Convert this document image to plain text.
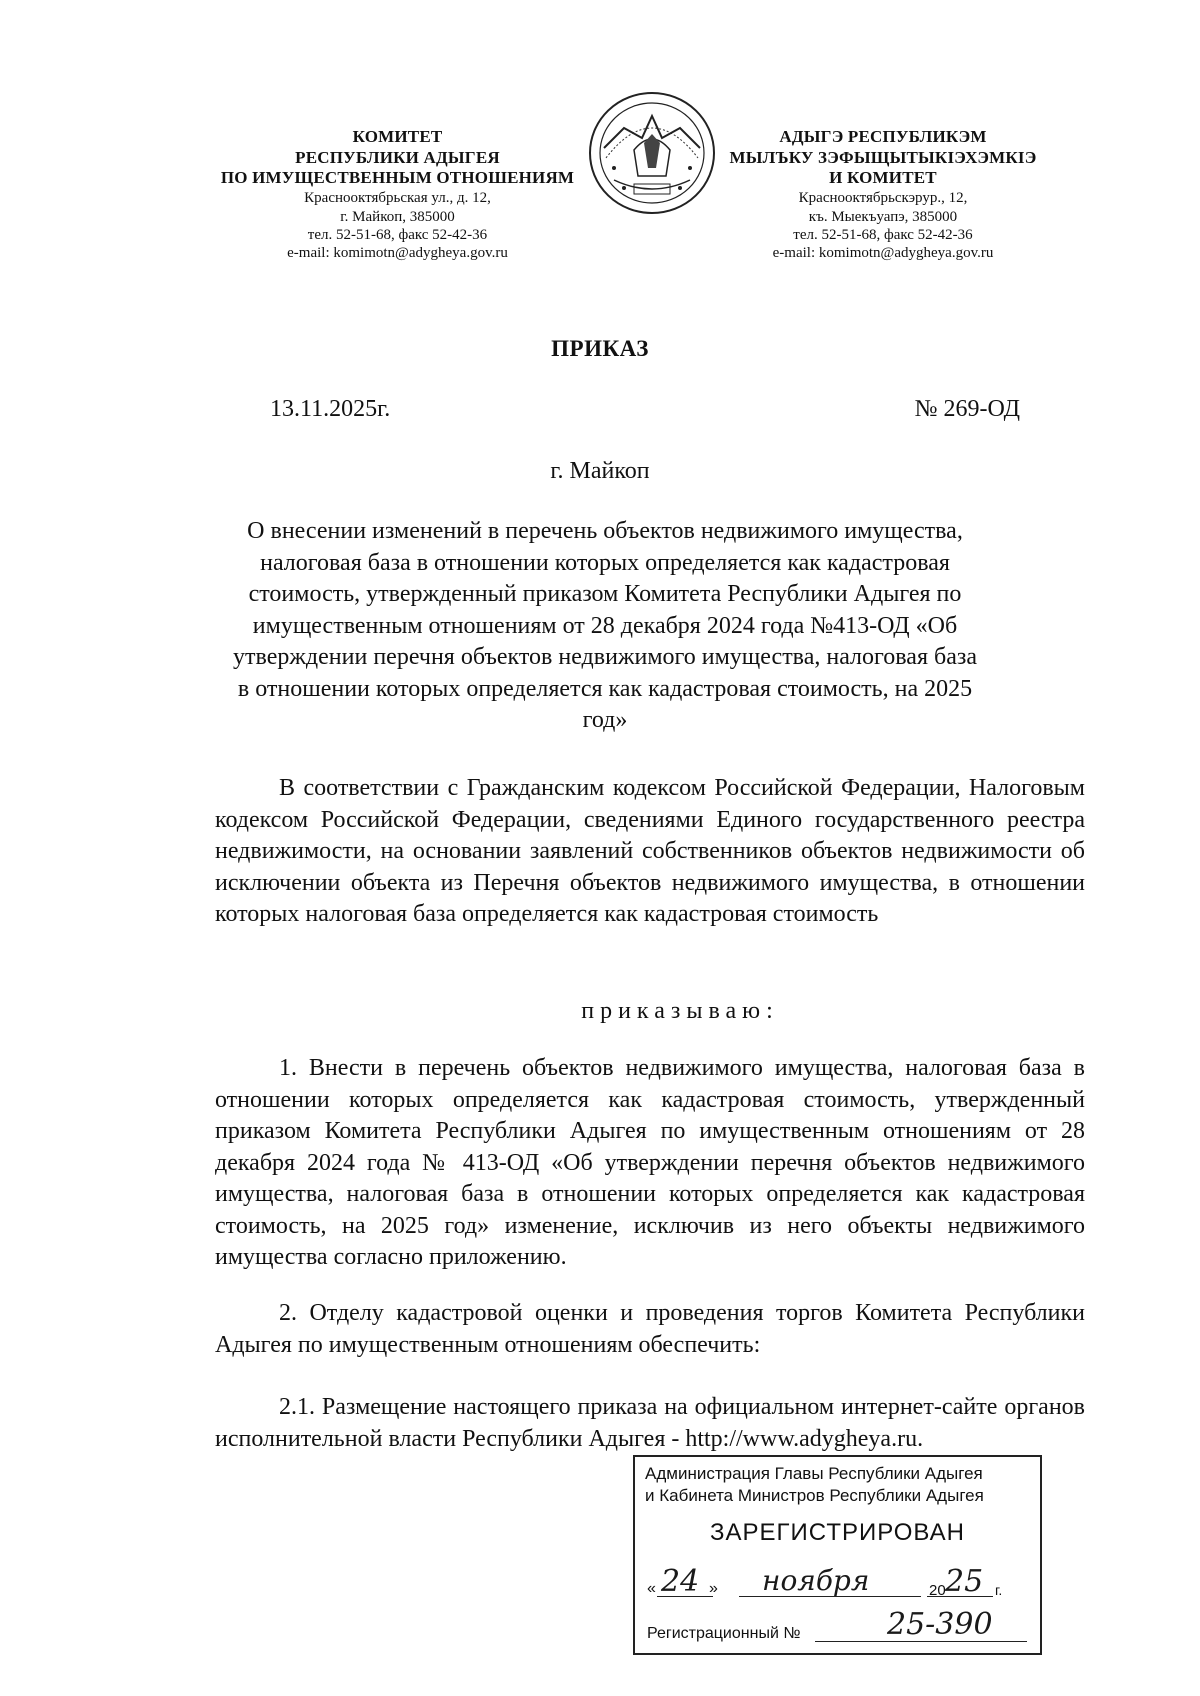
КОМИТЕТ
РЕСПУБЛИКИ АДЫГЕЯ
ПО ИМУЩЕСТВЕННЫМ ОТНОШЕНИЯМ
Краснооктябрьская ул., д. 12,
г. Майкоп, 385000
тел. 52-51-68, факс 52-42-36
e-mail: komimotn@adygheya.gov.ru
АДЫГЭ РЕСПУБЛИКЭМ
МЫЛЪКУ ЗЭФЫЩЫТЫКIЭХЭМКIЭ
И КОМИТЕТ
Краснооктябрьскэрур., 12,
къ. Мыекъуапэ, 385000
тел. 52-51-68, факс 52-42-36
e-mail: komimotn@adygheya.gov.ru
ПРИКАЗ
13.11.2025г.	№ 269-ОД
г. Майкоп
О внесении изменений в перечень объектов недвижимого имущества, налоговая база в отношении которых определяется как кадастровая стоимость, утвержденный приказом Комитета Республики Адыгея по имущественным отношениям от 28 декабря 2024 года №413-ОД «Об утверждении перечня объектов недвижимого имущества, налоговая база в отношении которых определяется как кадастровая стоимость, на 2025 год»
В соответствии с Гражданским кодексом Российской Федерации, Налоговым кодексом Российской Федерации, сведениями Единого государственного реестра недвижимости, на основании заявлений собственников объектов недвижимости об исключении объекта из Перечня объектов недвижимого имущества, в отношении которых налоговая база определяется как кадастровая стоимость
приказываю:
1. Внести в перечень объектов недвижимого имущества, налоговая база в отношении которых определяется как кадастровая стоимость, утвержденный приказом Комитета Республики Адыгея по имущественным отношениям от 28 декабря 2024 года № 413-ОД «Об утверждении перечня объектов недвижимого имущества, налоговая база в отношении которых определяется как кадастровая стоимость, на 2025 год» изменение, исключив из него объекты недвижимого имущества согласно приложению.
2. Отделу кадастровой оценки и проведения торгов Комитета Республики Адыгея по имущественным отношениям обеспечить:
2.1. Размещение настоящего приказа на официальном интернет-сайте органов исполнительной власти Республики Адыгея - http://www.adygheya.ru.
Администрация Главы Республики Адыгея
и Кабинета Министров Республики Адыгея
ЗАРЕГИСТРИРОВАН
« 24 » ноября	20 25 г.
Регистрационный №	25-390
